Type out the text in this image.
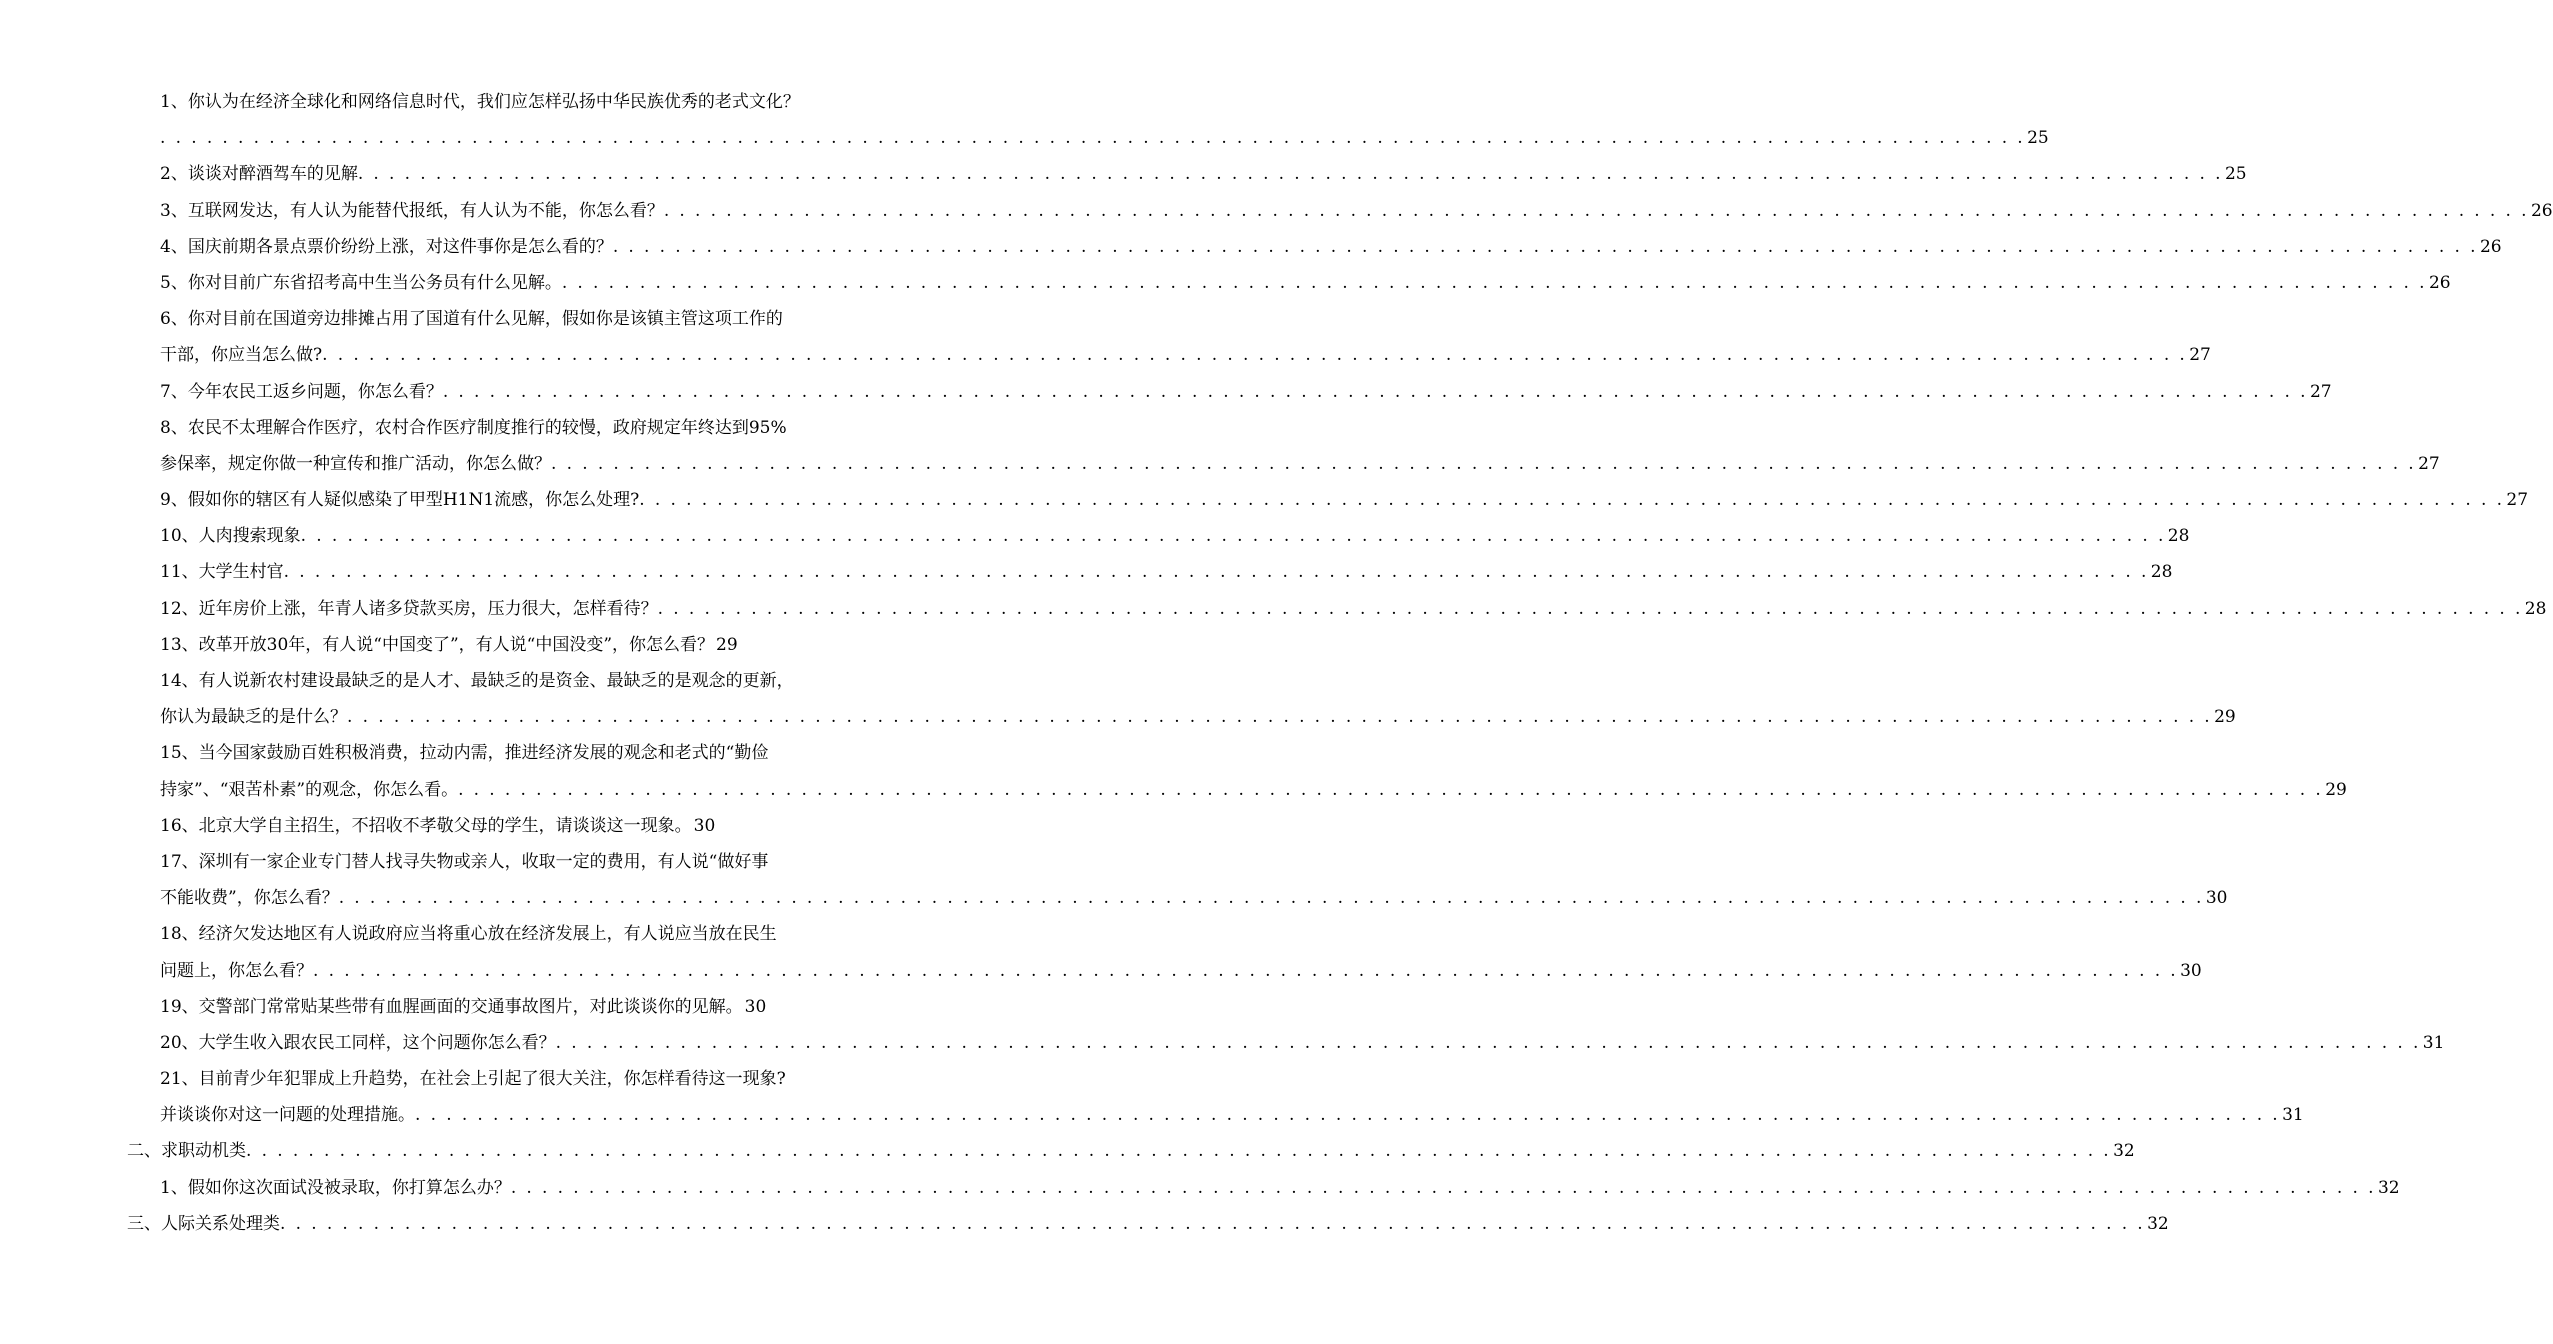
1、你认为在经济全球化和网络信息时代，我们应怎样弘扬中华民族优秀的老式文化？
. . . . . . . . . . . . . . . . . . . . . . . . . . . . . . . . . . . . . . . . . . . . . . . . . . . . . . . . . . . . . . . . . . . . . . . . . . . . . . . . . . . . . . . . . . . . . . . . . . . . . . . . . . . . . . . . . . . . . . . . 25
2、谈谈对醉酒驾车的见解 . . . . . . . . . . . . . . . . . . . . . . . . . . . . . . . . . . . . . . . . . . . . . . . . . . . . . . . . . . . . . . . . . . . . . . . . . . . . . . . . . . . . . . . . . . . . . . . . . . . . . . . . . . . . . . . . . . . . . . . . 25
3、互联网发达，有人认为能替代报纸，有人认为不能，你怎么看？ . . . . . . . . . . . . . . . . . . . . . . . . . . . . . . . . . . . . . . . . . . . . . . . . . . . . . . . . . . . . . . . . . . . . . . . . . . . . . . . . . . . . . . . . . . . . . . . . . . . . . . . . . . . . . . . . . . . . . . . . 26
4、国庆前期各景点票价纷纷上涨，对这件事你是怎么看的？ . . . . . . . . . . . . . . . . . . . . . . . . . . . . . . . . . . . . . . . . . . . . . . . . . . . . . . . . . . . . . . . . . . . . . . . . . . . . . . . . . . . . . . . . . . . . . . . . . . . . . . . . . . . . . . . . . . . . . . . . 26
5、你对目前广东省招考高中生当公务员有什么见解。 . . . . . . . . . . . . . . . . . . . . . . . . . . . . . . . . . . . . . . . . . . . . . . . . . . . . . . . . . . . . . . . . . . . . . . . . . . . . . . . . . . . . . . . . . . . . . . . . . . . . . . . . . . . . . . . . . . . . . . . . 26
6、你对目前在国道旁边排摊占用了国道有什么见解，假如你是该镇主管这项工作的
干部，你应当怎么做? . . . . . . . . . . . . . . . . . . . . . . . . . . . . . . . . . . . . . . . . . . . . . . . . . . . . . . . . . . . . . . . . . . . . . . . . . . . . . . . . . . . . . . . . . . . . . . . . . . . . . . . . . . . . . . . . . . . . . . . . 27
7、今年农民工返乡问题，你怎么看？ . . . . . . . . . . . . . . . . . . . . . . . . . . . . . . . . . . . . . . . . . . . . . . . . . . . . . . . . . . . . . . . . . . . . . . . . . . . . . . . . . . . . . . . . . . . . . . . . . . . . . . . . . . . . . . . . . . . . . . . . 27
8、农民不太理解合作医疗，农村合作医疗制度推行的较慢，政府规定年终达到95%
参保率，规定你做一种宣传和推广活动，你怎么做？ . . . . . . . . . . . . . . . . . . . . . . . . . . . . . . . . . . . . . . . . . . . . . . . . . . . . . . . . . . . . . . . . . . . . . . . . . . . . . . . . . . . . . . . . . . . . . . . . . . . . . . . . . . . . . . . . . . . . . . . . 27
9、假如你的辖区有人疑似感染了甲型H1N1流感，你怎么处理? . . . . . . . . . . . . . . . . . . . . . . . . . . . . . . . . . . . . . . . . . . . . . . . . . . . . . . . . . . . . . . . . . . . . . . . . . . . . . . . . . . . . . . . . . . . . . . . . . . . . . . . . . . . . . . . . . . . . . . . . 27
10、人肉搜索现象 . . . . . . . . . . . . . . . . . . . . . . . . . . . . . . . . . . . . . . . . . . . . . . . . . . . . . . . . . . . . . . . . . . . . . . . . . . . . . . . . . . . . . . . . . . . . . . . . . . . . . . . . . . . . . . . . . . . . . . . . 28
11、大学生村官 . . . . . . . . . . . . . . . . . . . . . . . . . . . . . . . . . . . . . . . . . . . . . . . . . . . . . . . . . . . . . . . . . . . . . . . . . . . . . . . . . . . . . . . . . . . . . . . . . . . . . . . . . . . . . . . . . . . . . . . . 28
12、近年房价上涨，年青人诸多贷款买房，压力很大，怎样看待？ . . . . . . . . . . . . . . . . . . . . . . . . . . . . . . . . . . . . . . . . . . . . . . . . . . . . . . . . . . . . . . . . . . . . . . . . . . . . . . . . . . . . . . . . . . . . . . . . . . . . . . . . . . . . . . . . . . . . . . . . 28
13、改革开放30年，有人说“中国变了”，有人说“中国没变”，你怎么看？ 29
14、有人说新农村建设最缺乏的是人才、最缺乏的是资金、最缺乏的是观念的更新，
你认为最缺乏的是什么？ . . . . . . . . . . . . . . . . . . . . . . . . . . . . . . . . . . . . . . . . . . . . . . . . . . . . . . . . . . . . . . . . . . . . . . . . . . . . . . . . . . . . . . . . . . . . . . . . . . . . . . . . . . . . . . . . . . . . . . . . 29
15、当今国家鼓励百姓积极消费，拉动内需，推进经济发展的观念和老式的“勤俭
持家”、“艰苦朴素”的观念，你怎么看。 . . . . . . . . . . . . . . . . . . . . . . . . . . . . . . . . . . . . . . . . . . . . . . . . . . . . . . . . . . . . . . . . . . . . . . . . . . . . . . . . . . . . . . . . . . . . . . . . . . . . . . . . . . . . . . . . . . . . . . . . 29
16、北京大学自主招生，不招收不孝敬父母的学生，请谈谈这一现象。 30
17、深圳有一家企业专门替人找寻失物或亲人，收取一定的费用，有人说“做好事
不能收费”，你怎么看？ . . . . . . . . . . . . . . . . . . . . . . . . . . . . . . . . . . . . . . . . . . . . . . . . . . . . . . . . . . . . . . . . . . . . . . . . . . . . . . . . . . . . . . . . . . . . . . . . . . . . . . . . . . . . . . . . . . . . . . . . 30
18、经济欠发达地区有人说政府应当将重心放在经济发展上，有人说应当放在民生
问题上，你怎么看？ . . . . . . . . . . . . . . . . . . . . . . . . . . . . . . . . . . . . . . . . . . . . . . . . . . . . . . . . . . . . . . . . . . . . . . . . . . . . . . . . . . . . . . . . . . . . . . . . . . . . . . . . . . . . . . . . . . . . . . . . 30
19、交警部门常常贴某些带有血腥画面的交通事故图片，对此谈谈你的见解。 30
20、大学生收入跟农民工同样，这个问题你怎么看？ . . . . . . . . . . . . . . . . . . . . . . . . . . . . . . . . . . . . . . . . . . . . . . . . . . . . . . . . . . . . . . . . . . . . . . . . . . . . . . . . . . . . . . . . . . . . . . . . . . . . . . . . . . . . . . . . . . . . . . . . 31
21、目前青少年犯罪成上升趋势，在社会上引起了很大关注，你怎样看待这一现象?
并谈谈你对这一问题的处理措施。 . . . . . . . . . . . . . . . . . . . . . . . . . . . . . . . . . . . . . . . . . . . . . . . . . . . . . . . . . . . . . . . . . . . . . . . . . . . . . . . . . . . . . . . . . . . . . . . . . . . . . . . . . . . . . . . . . . . . . . . . 31
二、求职动机类 . . . . . . . . . . . . . . . . . . . . . . . . . . . . . . . . . . . . . . . . . . . . . . . . . . . . . . . . . . . . . . . . . . . . . . . . . . . . . . . . . . . . . . . . . . . . . . . . . . . . . . . . . . . . . . . . . . . . . . . . 32
1、假如你这次面试没被录取，你打算怎么办？ . . . . . . . . . . . . . . . . . . . . . . . . . . . . . . . . . . . . . . . . . . . . . . . . . . . . . . . . . . . . . . . . . . . . . . . . . . . . . . . . . . . . . . . . . . . . . . . . . . . . . . . . . . . . . . . . . . . . . . . . 32
三、人际关系处理类 . . . . . . . . . . . . . . . . . . . . . . . . . . . . . . . . . . . . . . . . . . . . . . . . . . . . . . . . . . . . . . . . . . . . . . . . . . . . . . . . . . . . . . . . . . . . . . . . . . . . . . . . . . . . . . . . . . . . . . . . 32
